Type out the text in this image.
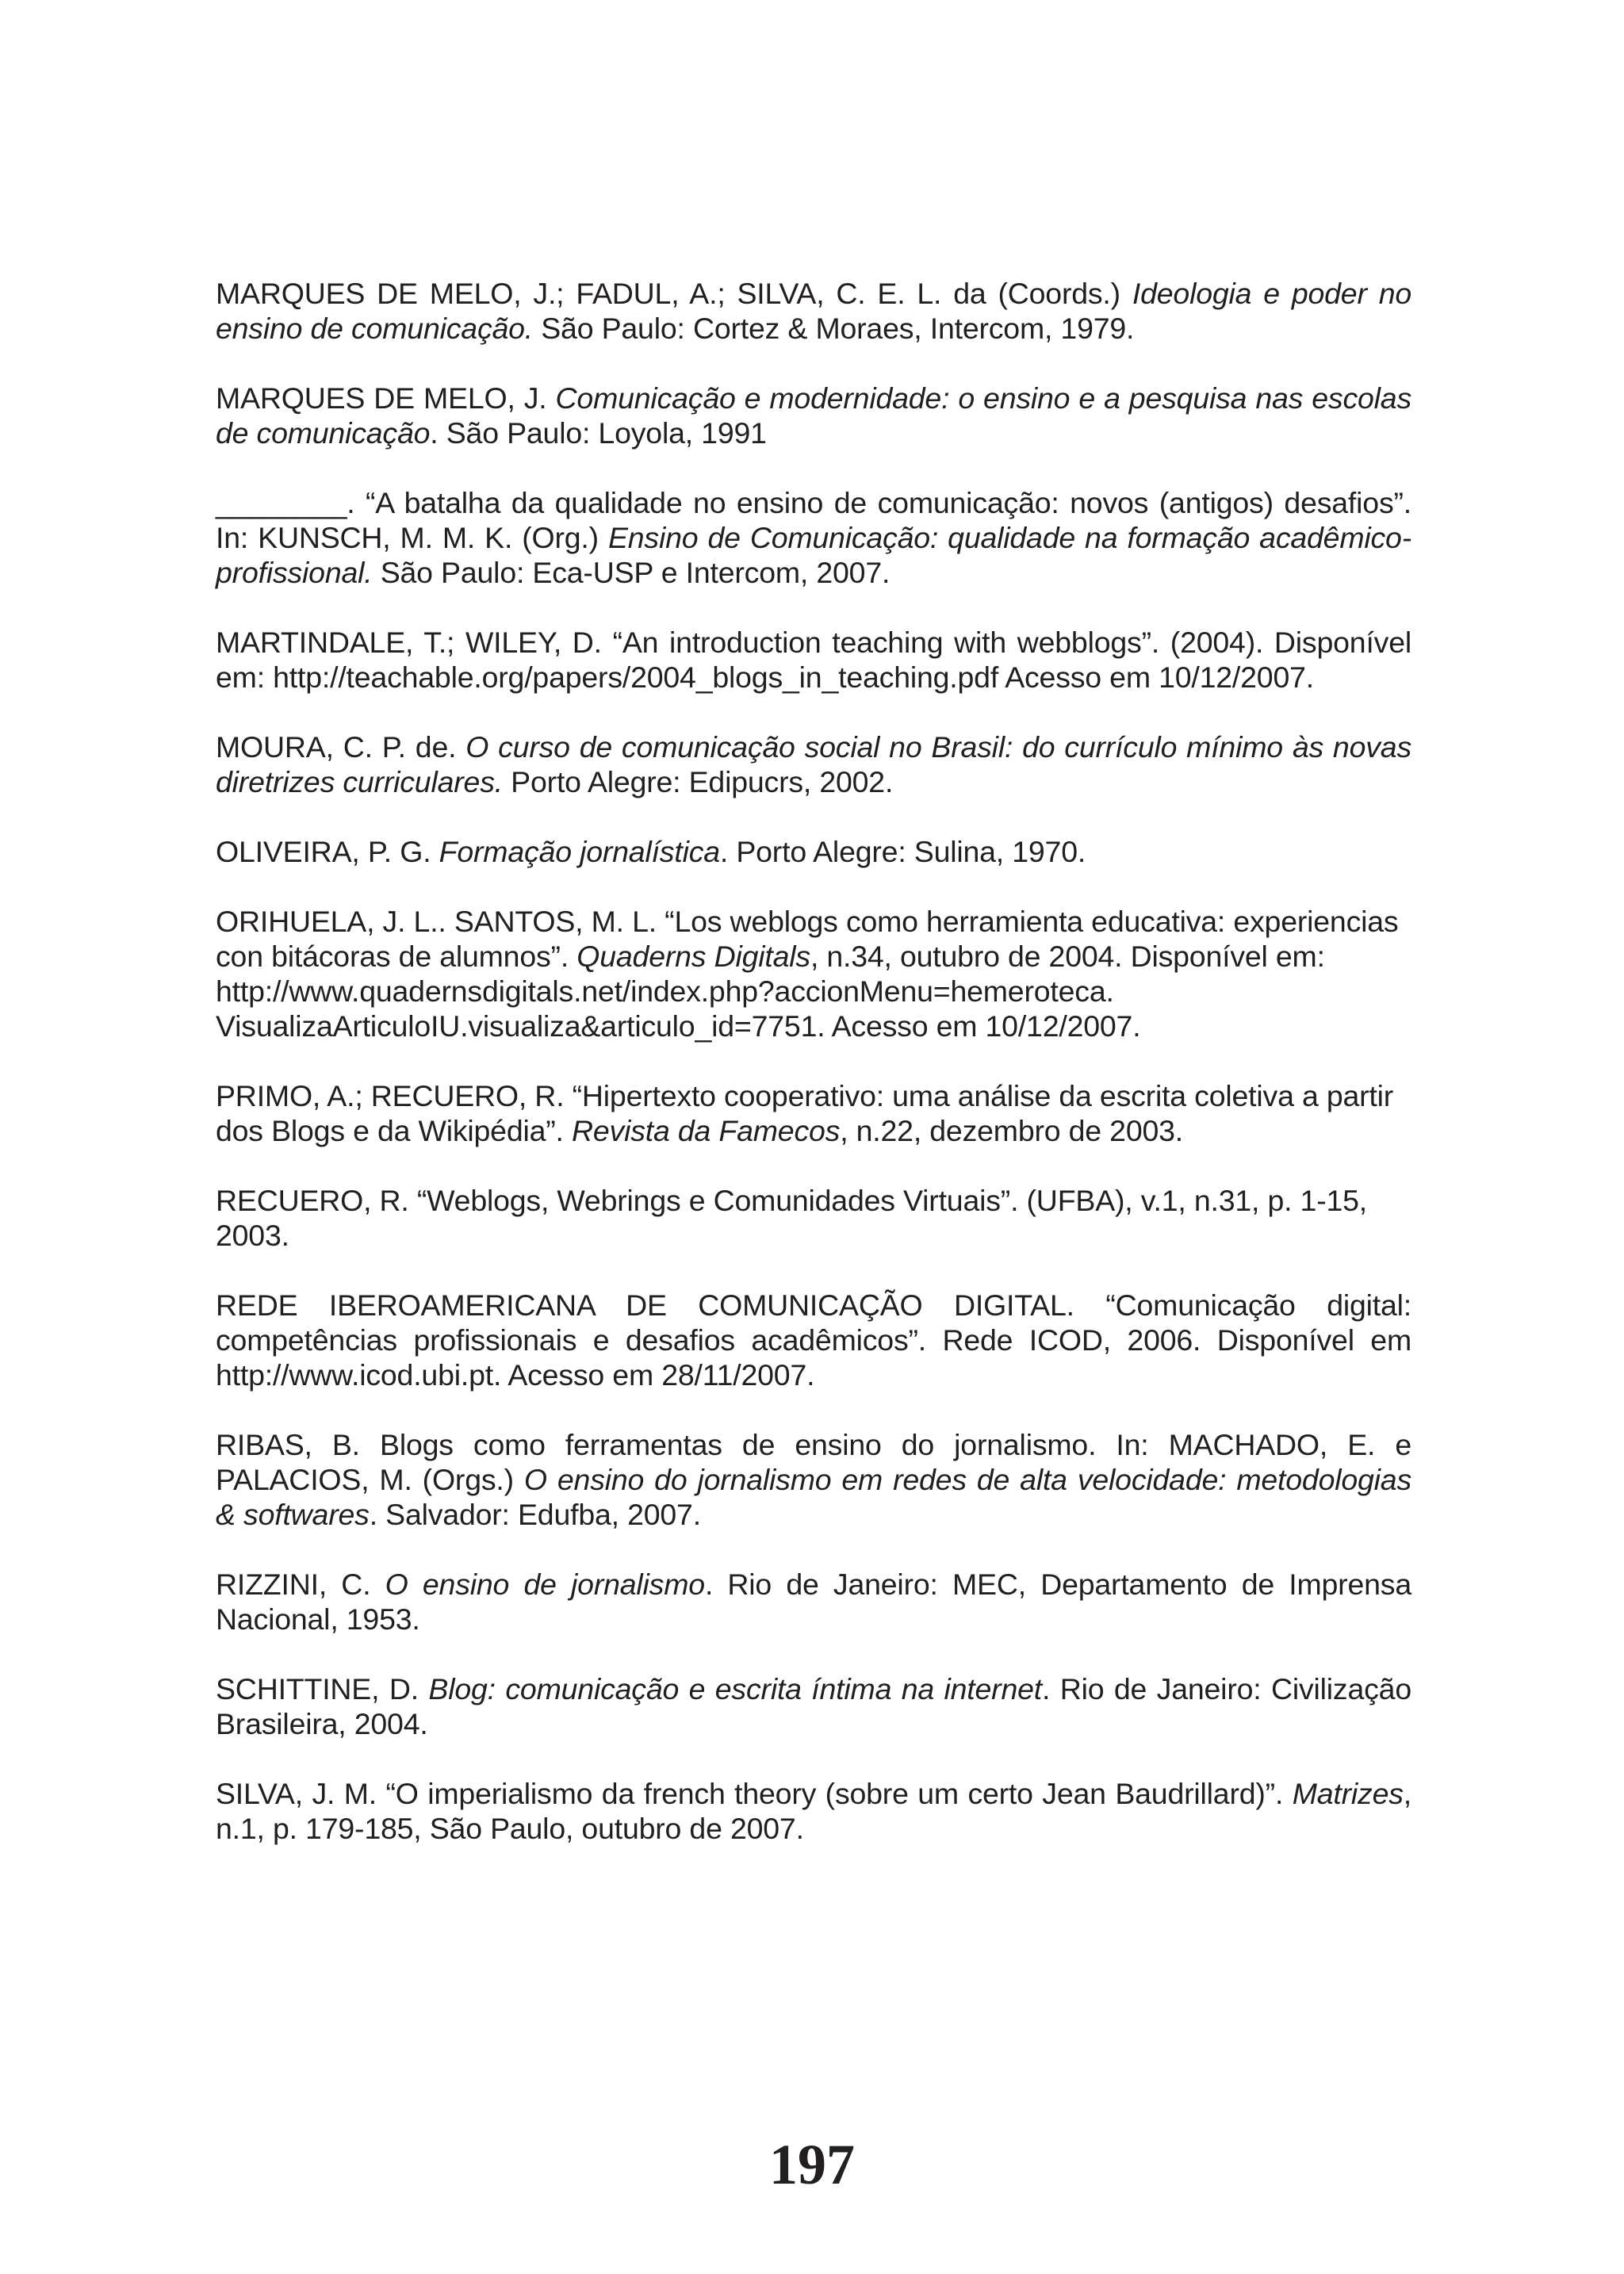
MARQUES DE MELO, J.; FADUL, A.; SILVA, C. E. L. da (Coords.) Ideologia e poder no ensino de comunicação. São Paulo: Cortez & Moraes, Intercom, 1979.

MARQUES DE MELO, J. Comunicação e modernidade: o ensino e a pesquisa nas escolas de comunicação. São Paulo: Loyola, 1991

________. “A batalha da qualidade no ensino de comunicação: novos (antigos) desafios”. In: KUNSCH, M. M. K. (Org.) Ensino de Comunicação: qualidade na formação acadêmico-profissional. São Paulo: Eca-USP e Intercom, 2007.

MARTINDALE, T.; WILEY, D. “An introduction teaching with webblogs”. (2004). Disponível em: http://teachable.org/papers/2004_blogs_in_teaching.pdf Acesso em 10/12/2007.

MOURA, C. P. de. O curso de comunicação social no Brasil: do currículo mínimo às novas diretrizes curriculares. Porto Alegre: Edipucrs, 2002.

OLIVEIRA, P. G. Formação jornalística. Porto Alegre: Sulina, 1970.

ORIHUELA, J. L.. SANTOS, M. L. “Los weblogs como herramienta educativa: experiencias con bitácoras de alumnos”. Quaderns Digitals, n.34, outubro de 2004. Disponível em: http://www.quadernsdigitals.net/index.php?accionMenu=hemeroteca. VisualizaArticuloIU.visualiza&articulo_id=7751. Acesso em 10/12/2007.

PRIMO, A.; RECUERO, R. “Hipertexto cooperativo: uma análise da escrita coletiva a partir dos Blogs e da Wikipédia”. Revista da Famecos, n.22, dezembro de 2003.

RECUERO, R. “Weblogs, Webrings e Comunidades Virtuais”. (UFBA), v.1, n.31, p. 1-15, 2003.

REDE IBEROAMERICANA DE COMUNICAÇÃO DIGITAL. “Comunicação digital: competências profissionais e desafios acadêmicos”. Rede ICOD, 2006. Disponível em http://www.icod.ubi.pt. Acesso em 28/11/2007.

RIBAS, B. Blogs como ferramentas de ensino do jornalismo. In: MACHADO, E. e PALACIOS, M. (Orgs.) O ensino do jornalismo em redes de alta velocidade: metodologias & softwares. Salvador: Edufba, 2007.

RIZZINI, C. O ensino de jornalismo. Rio de Janeiro: MEC, Departamento de Imprensa Nacional, 1953.

SCHITTINE, D. Blog: comunicação e escrita íntima na internet. Rio de Janeiro: Civilização Brasileira, 2004.

SILVA, J. M. “O imperialismo da french theory (sobre um certo Jean Baudrillard)”. Matrizes, n.1, p. 179-185, São Paulo, outubro de 2007.

197
